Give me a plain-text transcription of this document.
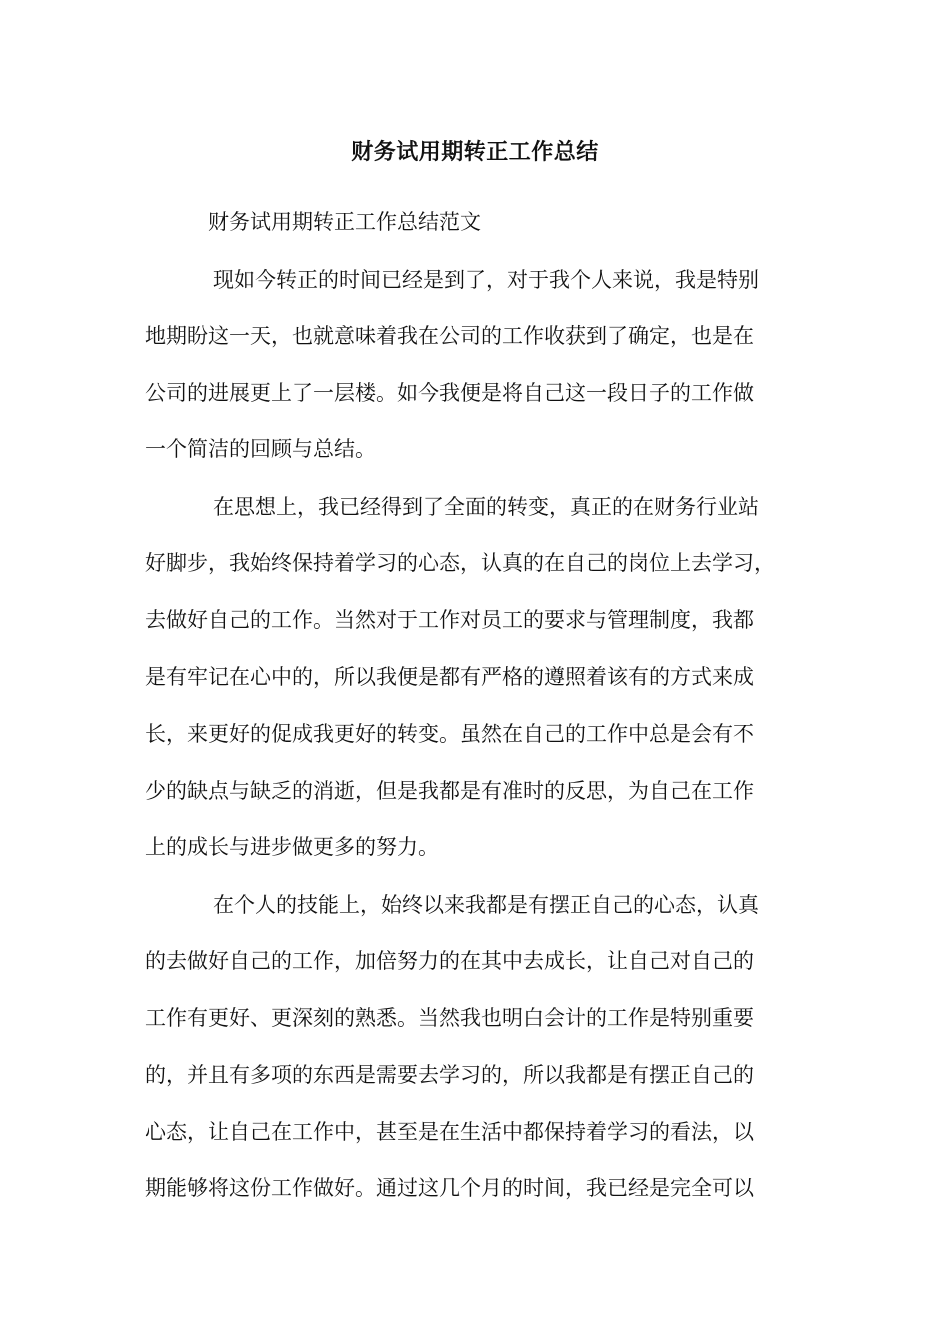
财务试用期转正工作总结

财务试用期转正工作总结范文

现如今转正的时间已经是到了，对于我个人来说，我是特别

地期盼这一天，也就意味着我在公司的工作收获到了确定，也是在

公司的进展更上了一层楼。如今我便是将自己这一段日子的工作做

一个简洁的回顾与总结。

在思想上，我已经得到了全面的转变，真正的在财务行业站

好脚步，我始终保持着学习的心态，认真的在自己的岗位上去学习，

去做好自己的工作。当然对于工作对员工的要求与管理制度，我都

是有牢记在心中的，所以我便是都有严格的遵照着该有的方式来成

长，来更好的促成我更好的转变。虽然在自己的工作中总是会有不

少的缺点与缺乏的消逝，但是我都是有准时的反思，为自己在工作

上的成长与进步做更多的努力。

在个人的技能上，始终以来我都是有摆正自己的心态，认真

的去做好自己的工作，加倍努力的在其中去成长，让自己对自己的

工作有更好、更深刻的熟悉。当然我也明白会计的工作是特别重要

的，并且有多项的东西是需要去学习的，所以我都是有摆正自己的

心态，让自己在工作中，甚至是在生活中都保持着学习的看法，以

期能够将这份工作做好。通过这几个月的时间，我已经是完全可以
